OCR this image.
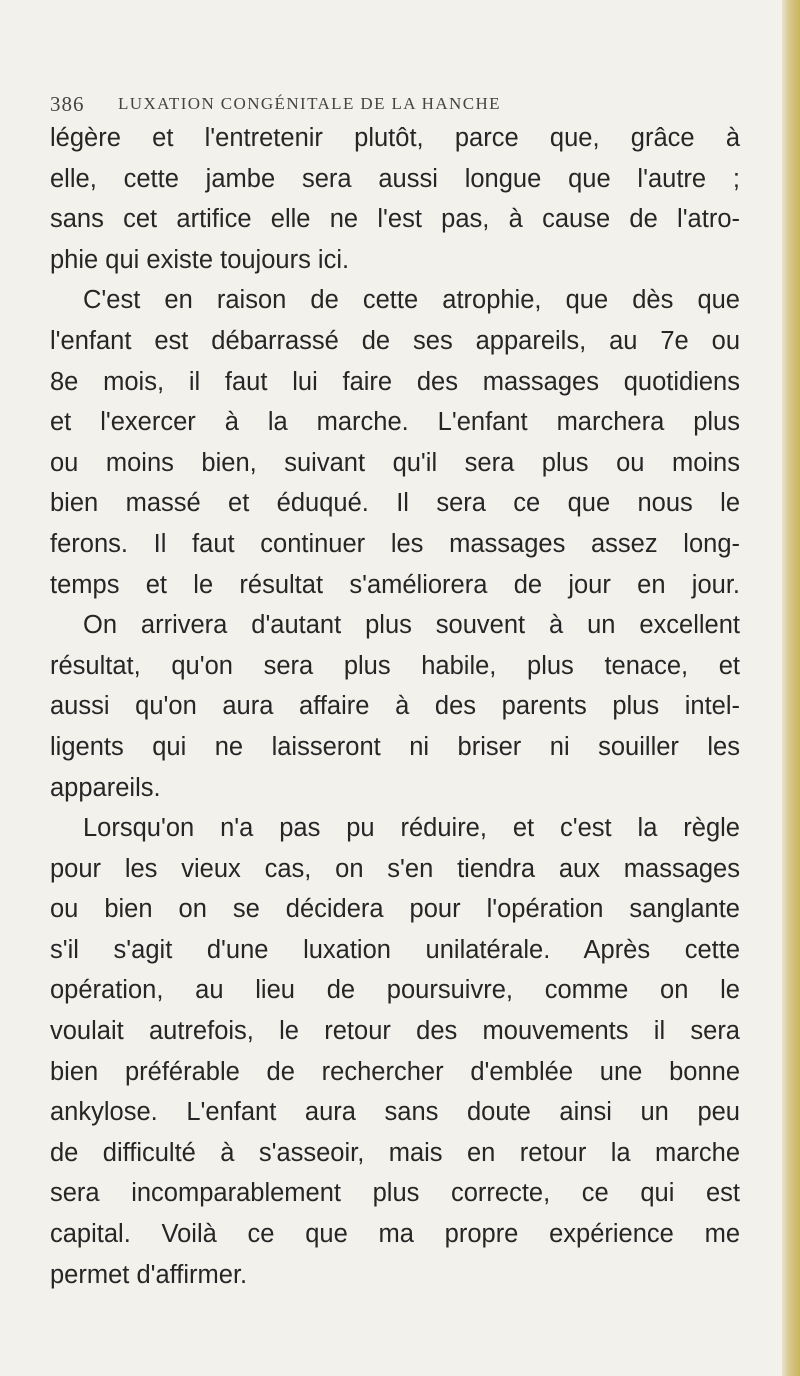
386 LUXATION CONGÉNITALE DE LA HANCHE
légère et l'entretenir plutôt, parce que, grâce à
elle, cette jambe sera aussi longue que l'autre ;
sans cet artifice elle ne l'est pas, à cause de l'atro-
phie qui existe toujours ici.
C'est en raison de cette atrophie, que dès que
l'enfant est débarrassé de ses appareils, au 7e ou
8e mois, il faut lui faire des massages quotidiens
et l'exercer à la marche. L'enfant marchera plus
ou moins bien, suivant qu'il sera plus ou moins
bien massé et éduqué. Il sera ce que nous le
ferons. Il faut continuer les massages assez long-
temps et le résultat s'améliorera de jour en jour.
On arrivera d'autant plus souvent à un excellent
résultat, qu'on sera plus habile, plus tenace, et
aussi qu'on aura affaire à des parents plus intel-
ligents qui ne laisseront ni briser ni souiller les
appareils.
Lorsqu'on n'a pas pu réduire, et c'est la règle
pour les vieux cas, on s'en tiendra aux massages
ou bien on se décidera pour l'opération sanglante
s'il s'agit d'une luxation unilatérale. Après cette
opération, au lieu de poursuivre, comme on le
voulait autrefois, le retour des mouvements il sera
bien préférable de rechercher d'emblée une bonne
ankylose. L'enfant aura sans doute ainsi un peu
de difficulté à s'asseoir, mais en retour la marche
sera incomparablement plus correcte, ce qui est
capital. Voilà ce que ma propre expérience me
permet d'affirmer.
